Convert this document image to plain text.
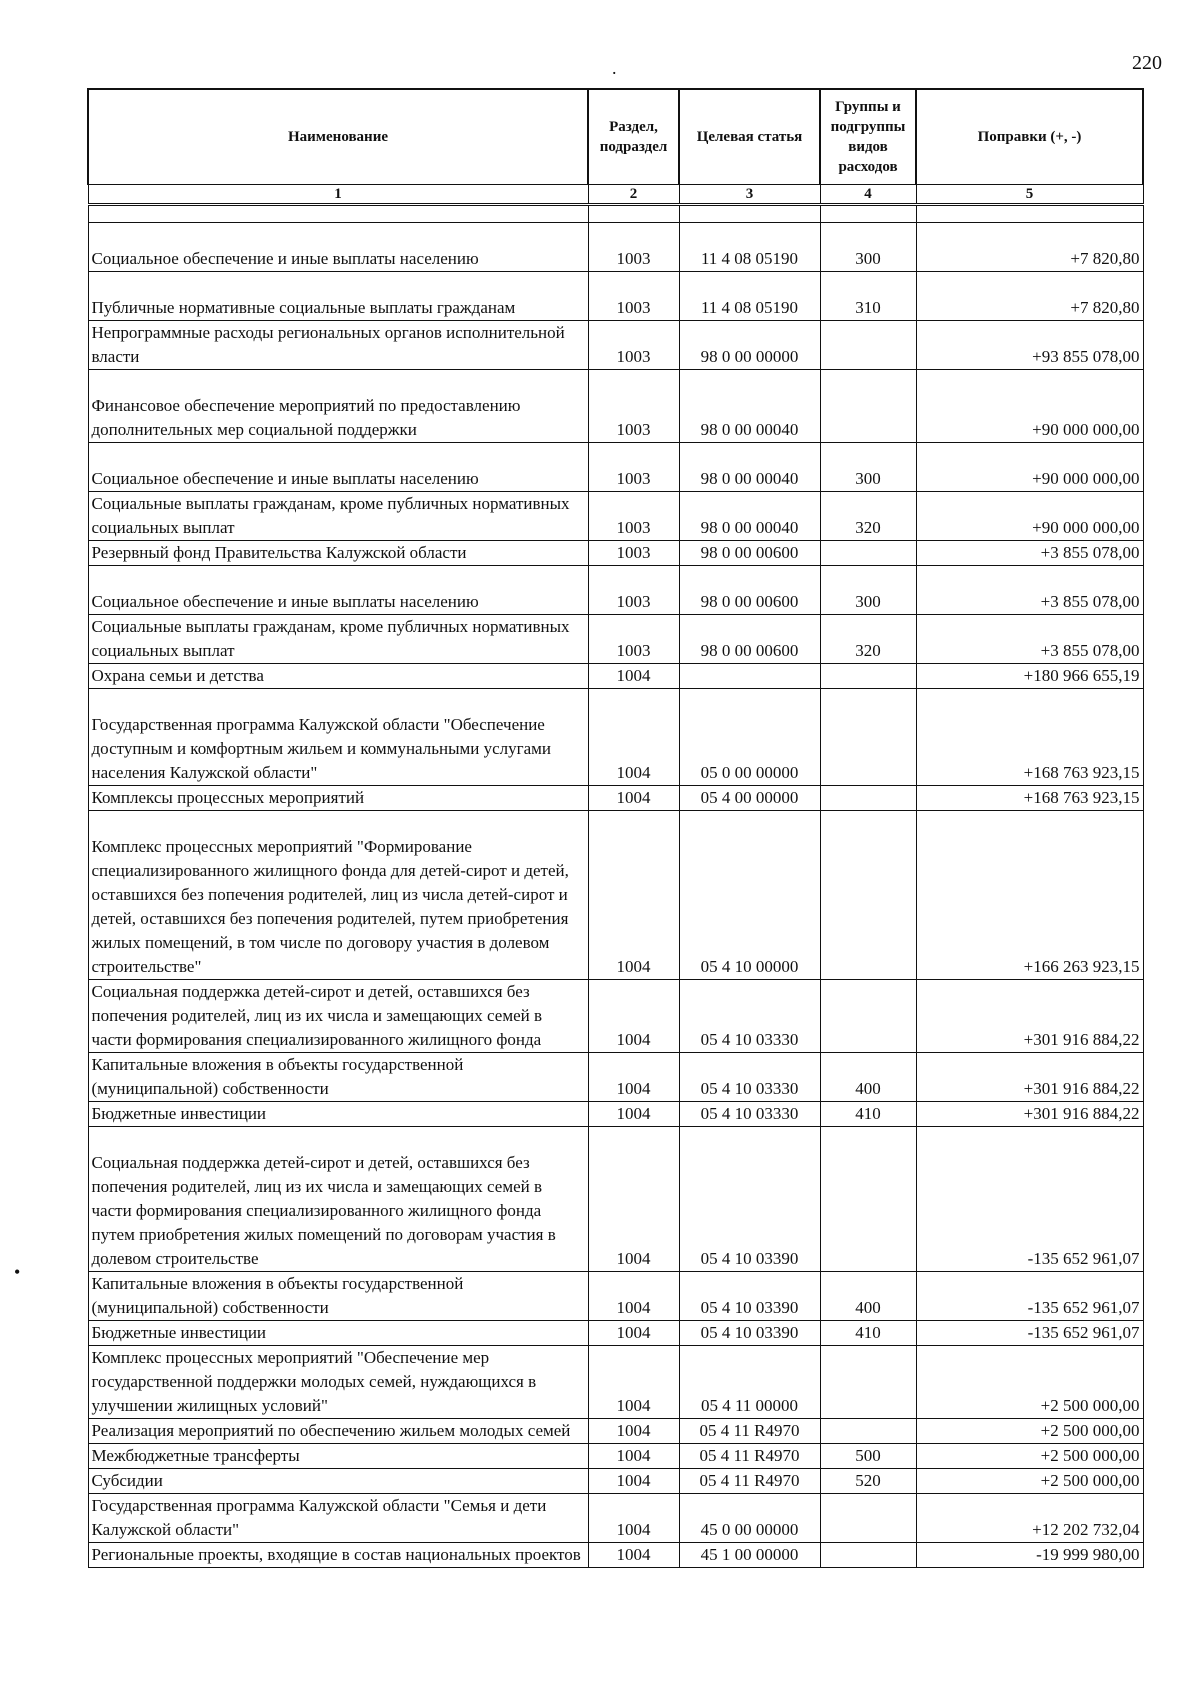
220
.
•
Наименование	Раздел, подраздел	Целевая статья	Группы и подгруппы видов расходов	Поправки (+, -)
1	2	3	4	5

Социальное обеспечение и иные выплаты населению	1003	11 4 08 05190	300	+7 820,80
Публичные нормативные социальные выплаты гражданам	1003	11 4 08 05190	310	+7 820,80
Непрограммные расходы региональных органов исполнительной власти	1003	98 0 00 00000		+93 855 078,00
Финансовое обеспечение мероприятий по предоставлению дополнительных мер социальной поддержки	1003	98 0 00 00040		+90 000 000,00
Социальное обеспечение и иные выплаты населению	1003	98 0 00 00040	300	+90 000 000,00
Социальные выплаты гражданам, кроме публичных нормативных социальных выплат	1003	98 0 00 00040	320	+90 000 000,00
Резервный фонд Правительства Калужской области	1003	98 0 00 00600		+3 855 078,00
Социальное обеспечение и иные выплаты населению	1003	98 0 00 00600	300	+3 855 078,00
Социальные выплаты гражданам, кроме публичных нормативных социальных выплат	1003	98 0 00 00600	320	+3 855 078,00
Охрана семьи и детства	1004			+180 966 655,19
Государственная программа Калужской области "Обеспечение доступным и комфортным жильем и коммунальными услугами населения Калужской области"	1004	05 0 00 00000		+168 763 923,15
Комплексы процессных мероприятий	1004	05 4 00 00000		+168 763 923,15
Комплекс процессных мероприятий "Формирование специализированного жилищного фонда для детей-сирот и детей, оставшихся без попечения родителей, лиц из числа детей-сирот и детей, оставшихся без попечения родителей, путем приобретения жилых помещений, в том числе по договору участия в долевом строительстве"	1004	05 4 10 00000		+166 263 923,15
Социальная поддержка детей-сирот и детей, оставшихся без попечения родителей, лиц из их числа и замещающих семей в части формирования специализированного жилищного фонда	1004	05 4 10 03330		+301 916 884,22
Капитальные вложения в объекты государственной (муниципальной) собственности	1004	05 4 10 03330	400	+301 916 884,22
Бюджетные инвестиции	1004	05 4 10 03330	410	+301 916 884,22
Социальная поддержка детей-сирот и детей, оставшихся без попечения родителей, лиц из их числа и замещающих семей в части формирования специализированного жилищного фонда путем приобретения жилых помещений по договорам участия в долевом строительстве	1004	05 4 10 03390		-135 652 961,07
Капитальные вложения в объекты государственной (муниципальной) собственности	1004	05 4 10 03390	400	-135 652 961,07
Бюджетные инвестиции	1004	05 4 10 03390	410	-135 652 961,07
Комплекс процессных мероприятий "Обеспечение мер государственной поддержки молодых семей, нуждающихся в улучшении жилищных условий"	1004	05 4 11 00000		+2 500 000,00
Реализация мероприятий по обеспечению жильем молодых семей	1004	05 4 11 R4970		+2 500 000,00
Межбюджетные трансферты	1004	05 4 11 R4970	500	+2 500 000,00
Субсидии	1004	05 4 11 R4970	520	+2 500 000,00
Государственная программа Калужской области "Семья и дети Калужской области"	1004	45 0 00 00000		+12 202 732,04
Региональные проекты, входящие в состав национальных проектов	1004	45 1 00 00000		-19 999 980,00
